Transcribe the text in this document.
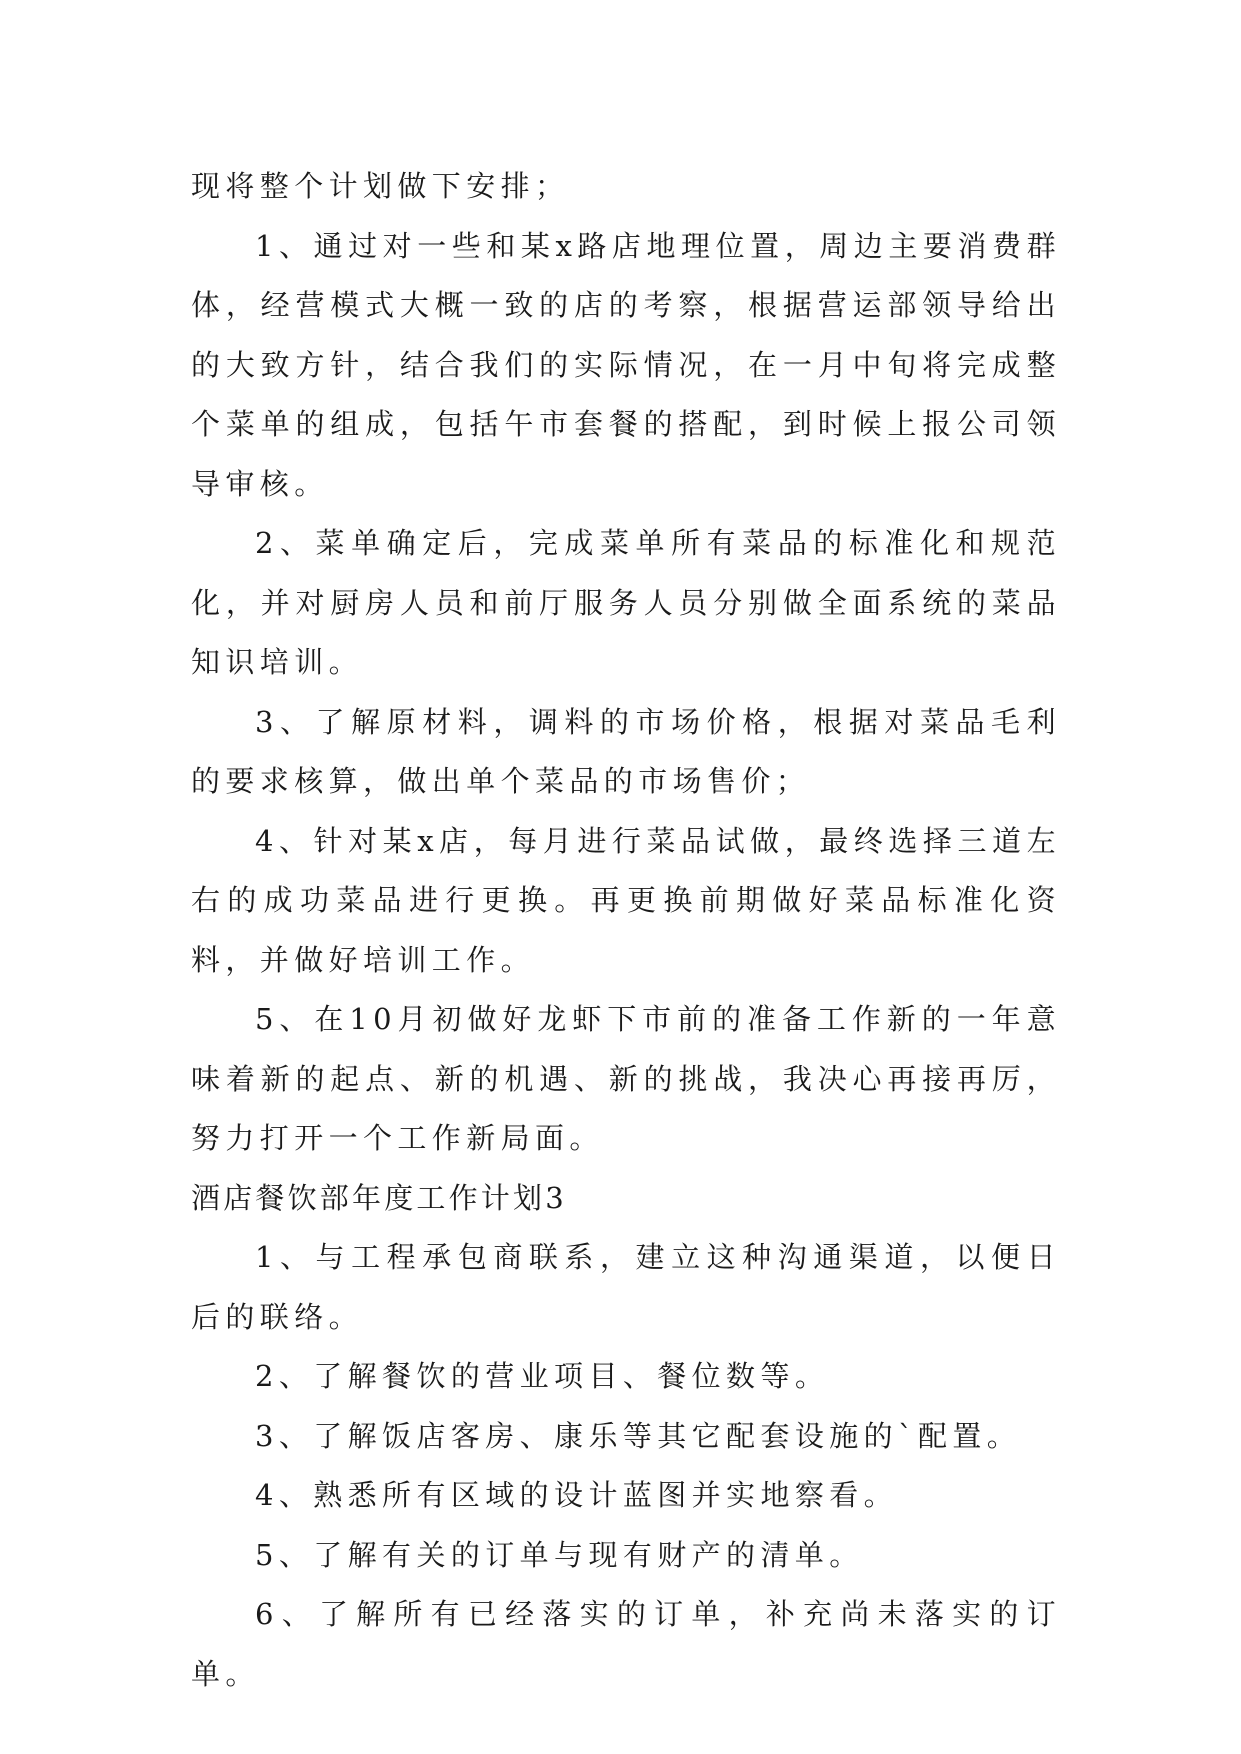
现将整个计划做下安排；

1、通过对一些和某x路店地理位置，周边主要消费群体，经营模式大概一致的店的考察，根据营运部领导给出的大致方针，结合我们的实际情况，在一月中旬将完成整个菜单的组成，包括午市套餐的搭配，到时候上报公司领导审核。

2、菜单确定后，完成菜单所有菜品的标准化和规范化，并对厨房人员和前厅服务人员分别做全面系统的菜品知识培训。

3、了解原材料，调料的市场价格，根据对菜品毛利的要求核算，做出单个菜品的市场售价；

4、针对某x店，每月进行菜品试做，最终选择三道左右的成功菜品进行更换。再更换前期做好菜品标准化资料，并做好培训工作。

5、在10月初做好龙虾下市前的准备工作新的一年意味着新的起点、新的机遇、新的挑战，我决心再接再厉，努力打开一个工作新局面。

酒店餐饮部年度工作计划3

1、与工程承包商联系，建立这种沟通渠道，以便日后的联络。

2、了解餐饮的营业项目、餐位数等。

3、了解饭店客房、康乐等其它配套设施的`配置。

4、熟悉所有区域的设计蓝图并实地察看。

5、了解有关的订单与现有财产的清单。

6、了解所有已经落实的订单，补充尚未落实的订单。
